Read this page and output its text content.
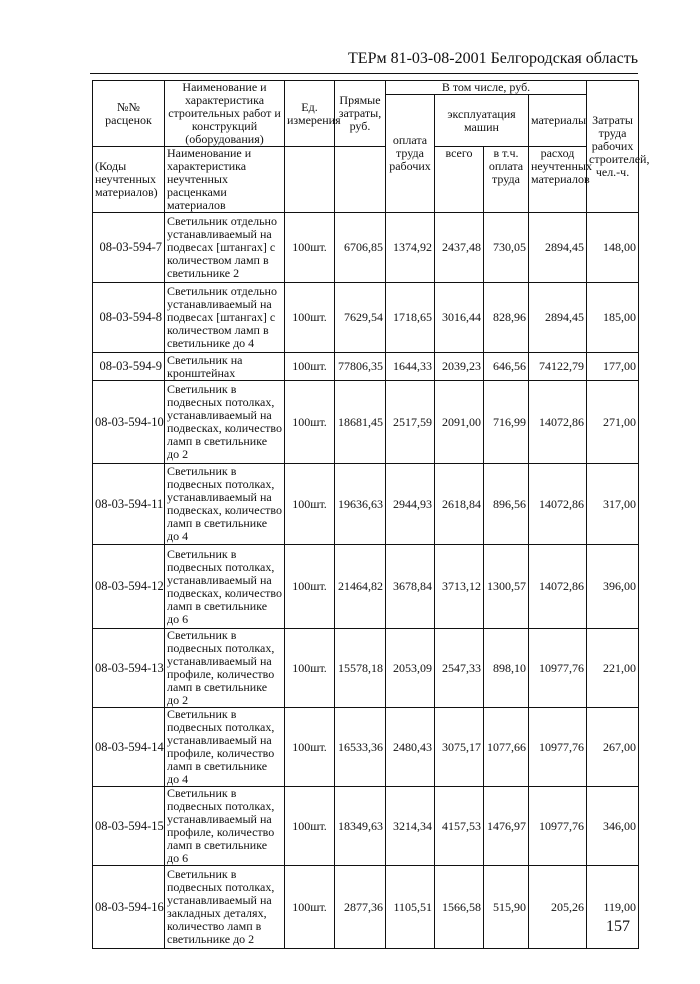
ТЕРм 81-03-08-2001 Белгородская область
№№ расценок	Наименование и характеристика строительных работ и конструкций (оборудования)	Ед. измерения	Прямые затраты, руб.	В том числе, руб.				Затраты труда рабочих строителей, чел.-ч.
				оплата труда рабочих	эксплуатация машин		материалы	
(Коды неучтенных материалов)	Наименование и характеристика неучтенных расценками материалов				всего	в т.ч. оплата труда	расход неучтенных материалов	
08-03-594-7	Светильник отдельно устанавливаемый на подвесах [штангах] с количеством ламп в светильнике 2	100шт.	6706,85	1374,92	2437,48	730,05	2894,45	148,00
08-03-594-8	Светильник отдельно устанавливаемый на подвесах [штангах] с количеством ламп в светильнике до 4	100шт.	7629,54	1718,65	3016,44	828,96	2894,45	185,00
08-03-594-9	Светильник на кронштейнах	100шт.	77806,35	1644,33	2039,23	646,56	74122,79	177,00
08-03-594-10	Светильник в подвесных потолках, устанавливаемый на подвесках, количество ламп в светильнике до 2	100шт.	18681,45	2517,59	2091,00	716,99	14072,86	271,00
08-03-594-11	Светильник в подвесных потолках, устанавливаемый на подвесках, количество ламп в светильнике до 4	100шт.	19636,63	2944,93	2618,84	896,56	14072,86	317,00
08-03-594-12	Светильник в подвесных потолках, устанавливаемый на подвесках, количество ламп в светильнике до 6	100шт.	21464,82	3678,84	3713,12	1300,57	14072,86	396,00
08-03-594-13	Светильник в подвесных потолках, устанавливаемый на профиле, количество ламп в светильнике до 2	100шт.	15578,18	2053,09	2547,33	898,10	10977,76	221,00
08-03-594-14	Светильник в подвесных потолках, устанавливаемый на профиле, количество ламп в светильнике до 4	100шт.	16533,36	2480,43	3075,17	1077,66	10977,76	267,00
08-03-594-15	Светильник в подвесных потолках, устанавливаемый на профиле, количество ламп в светильнике до 6	100шт.	18349,63	3214,34	4157,53	1476,97	10977,76	346,00
08-03-594-16	Светильник в подвесных потолках, устанавливаемый на закладных деталях, количество ламп в светильнике до 2	100шт.	2877,36	1105,51	1566,58	515,90	205,26	119,00
157
